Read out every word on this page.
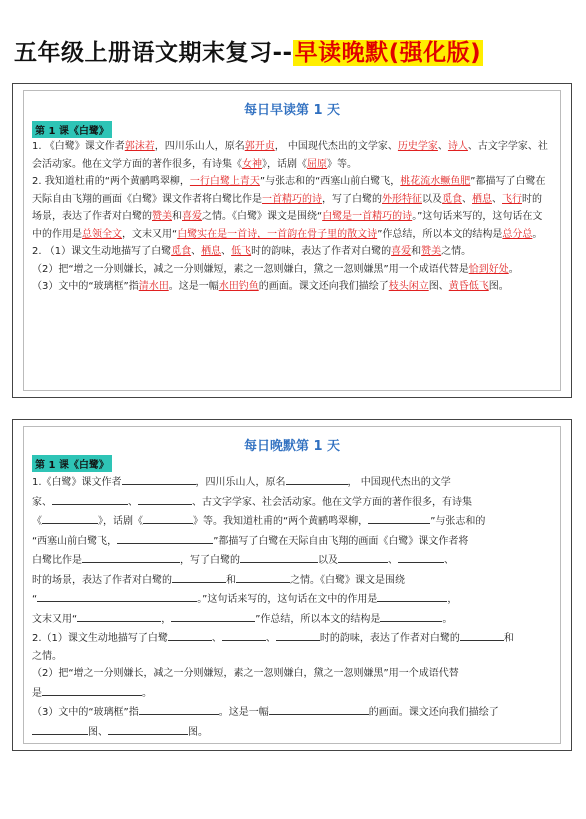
五年级上册语文期末复习--早读晚默(强化版)
每日早读第 1 天
第 1 课《白鹭》

1. 《白鹭》课文作者郭沫若，四川乐山人，原名郭开贞， 中国现代杰出的文学家、历史学家、诗人、古文字学家、社会活动家。他在文学方面的著作很多，有诗集《女神》，话剧《屈原》等。

2. 我知道杜甫的“两个黄鹂鸣翠柳，一行白鹭上青天”与张志和的“西塞山前白鹭飞，桃花流水鳜鱼肥”都描写了白鹭在天际自由飞翔的画面《白鹭》课文作者将白鹭比作是一首精巧的诗，写了白鹭的外形特征以及觅食、栖息、飞行时的场景，表达了作者对白鹭的赞美和喜爱之情。《白鹭》课文是围绕“白鹭是一首精巧的诗。”这句话来写的，这句话在文中的作用是总领全文，文末又用“白鹭实在是一首诗，一首韵在骨子里的散文诗”作总结，所以本文的结构是总分总。

2. （1）课文生动地描写了白鹭觅食、栖息、低飞时的韵味，表达了作者对白鹭的喜爱和赞美之情。

（2）把“增之一分则嫌长，减之一分则嫌短，素之一忽则嫌白，黛之一忽则嫌黑”用一个成语代替是恰到好处。

（3）文中的“玻璃框”指清水田。这是一幅水田钓鱼的画面。课文还向我们描绘了枝头闲立图、黄昏低飞图。

每日晚默第 1 天
第 1 课《白鹭》

1.《白鹭》课文作者	，四川乐山人，原名	， 中国现代杰出的文学

家、	、	、古文字学家、社会活动家。他在文学方面的著作很多，有诗集

《	》，话剧《	》等。我知道杜甫的“两个黄鹂鸣翠柳，	”与张志和的

“西塞山前白鹭飞，	”都描写了白鹭在天际自由飞翔的画面《白鹭》课文作者将

白鹭比作是	，写了白鹭的	以及	、	、

时的场景，表达了作者对白鹭的	和	之情。《白鹭》课文是围绕

“	。”这句话来写的，这句话在文中的作用是	，

文末又用“	，	”作总结，所以本文的结构是	。

2.（1）课文生动地描写了白鹭	、	、	时的韵味，表达了作者对白鹭的	和

之情。

（2）把“增之一分则嫌长，减之一分则嫌短，素之一忽则嫌白，黛之一忽则嫌黑”用一个成语代替

是	。

（3）文中的“玻璃框”指	。这是一幅	的画面。课文还向我们描绘了

图、	图。
